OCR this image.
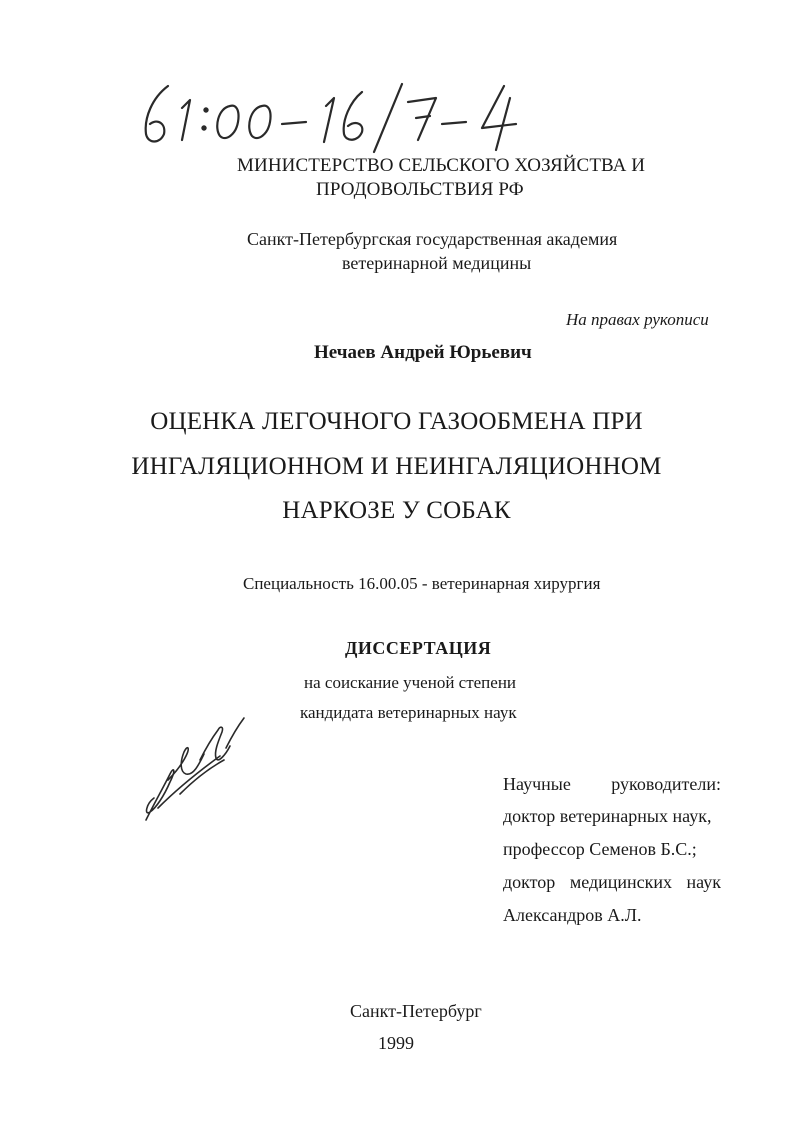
МИНИСТЕРСТВО СЕЛЬСКОГО ХОЗЯЙСТВА И
ПРОДОВОЛЬСТВИЯ РФ
Санкт-Петербургская государственная академия
ветеринарной медицины
На правах рукописи
Нечаев Андрей Юрьевич
ОЦЕНКА ЛЕГОЧНОГО ГАЗООБМЕНА ПРИ
ИНГАЛЯЦИОННОМ И НЕИНГАЛЯЦИОННОМ
НАРКОЗЕ У СОБАК
Специальность 16.00.05 - ветеринарная хирургия
ДИССЕРТАЦИЯ
на соискание ученой степени
кандидата ветеринарных наук
Научные руководители:
доктор ветеринарных наук,
профессор Семенов Б.С.;
доктор медицинских наук
Александров А.Л.
Санкт-Петербург
1999
